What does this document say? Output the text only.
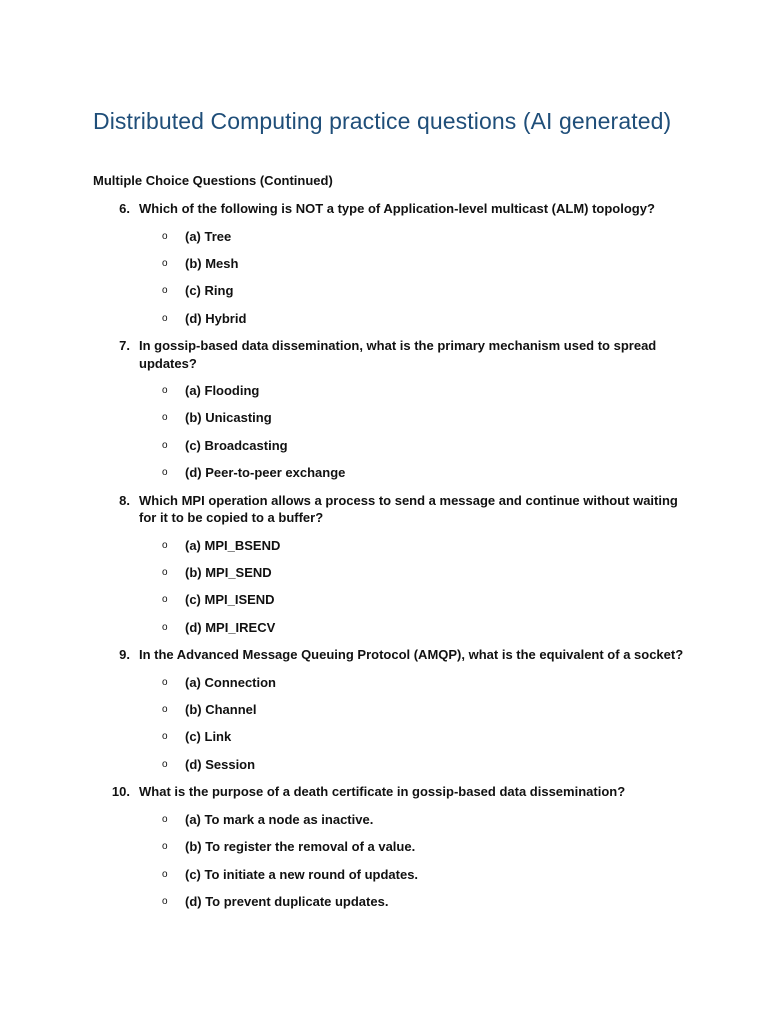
Distributed Computing practice questions (AI generated)
Multiple Choice Questions (Continued)
6. Which of the following is NOT a type of Application-level multicast (ALM) topology?
o (a) Tree
o (b) Mesh
o (c) Ring
o (d) Hybrid
7. In gossip-based data dissemination, what is the primary mechanism used to spread updates?
o (a) Flooding
o (b) Unicasting
o (c) Broadcasting
o (d) Peer-to-peer exchange
8. Which MPI operation allows a process to send a message and continue without waiting for it to be copied to a buffer?
o (a) MPI_BSEND
o (b) MPI_SEND
o (c) MPI_ISEND
o (d) MPI_IRECV
9. In the Advanced Message Queuing Protocol (AMQP), what is the equivalent of a socket?
o (a) Connection
o (b) Channel
o (c) Link
o (d) Session
10. What is the purpose of a death certificate in gossip-based data dissemination?
o (a) To mark a node as inactive.
o (b) To register the removal of a value.
o (c) To initiate a new round of updates.
o (d) To prevent duplicate updates.
